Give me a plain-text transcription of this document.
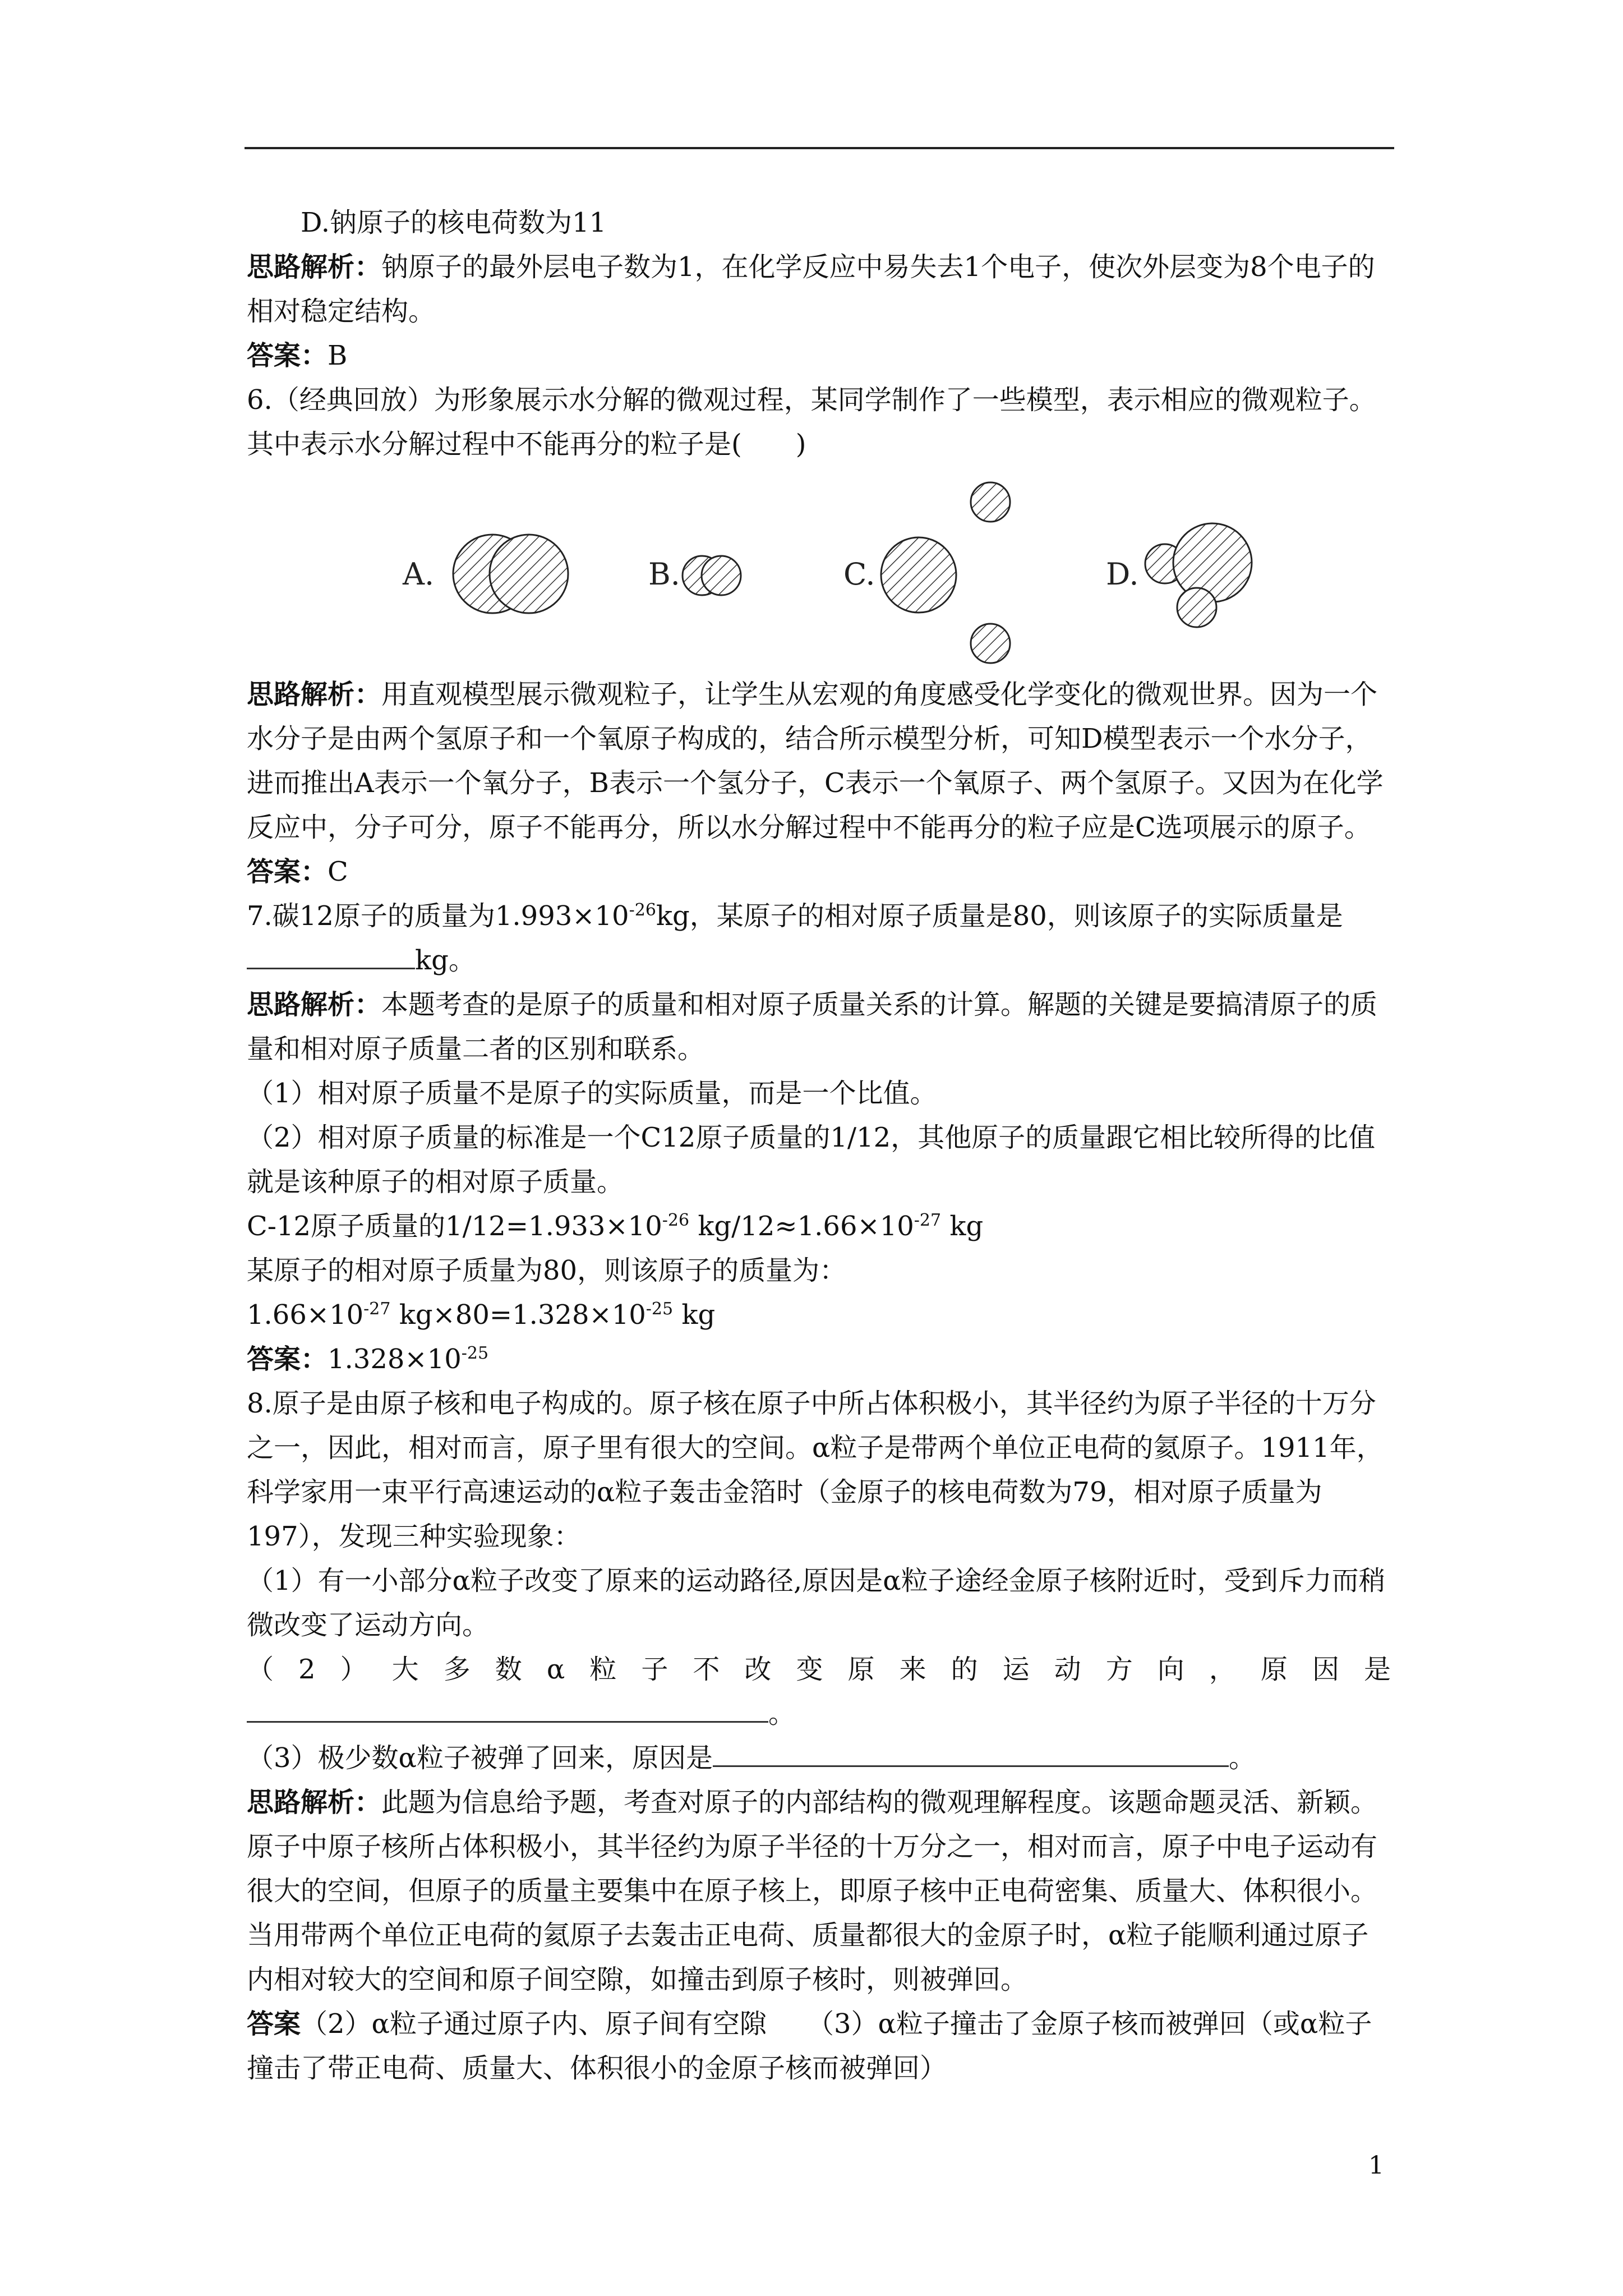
D.钠原子的核电荷数为11

思路解析：钠原子的最外层电子数为1，在化学反应中易失去1个电子，使次外层变为8个电子的相对稳定结构。

答案：B

6.（经典回放）为形象展示水分解的微观过程，某同学制作了一些模型，表示相应的微观粒子。其中表示水分解过程中不能再分的粒子是(　　)

A.	B.	C.	D.

思路解析：用直观模型展示微观粒子，让学生从宏观的角度感受化学变化的微观世界。因为一个水分子是由两个氢原子和一个氧原子构成的，结合所示模型分析，可知D模型表示一个水分子，进而推出A表示一个氧分子，B表示一个氢分子，C表示一个氧原子、两个氢原子。又因为在化学反应中，分子可分，原子不能再分，所以水分解过程中不能再分的粒子应是C选项展示的原子。

答案：C

7.碳12原子的质量为$1.993\times 10^{-26}kg$，某原子的相对原子质量是80，则该原子的实际质量是kg。

思路解析：本题考查的是原子的质量和相对原子质量关系的计算。解题的关键是要搞清原子的质量和相对原子质量二者的区别和联系。

（1）相对原子质量不是原子的实际质量，而是一个比值。

（2）相对原子质量的标准是一个C12原子质量的1/12，其他原子的质量跟它相比较所得的比值就是该种原子的相对原子质量。

C-12原子质量的$1/12=1.933\times 10^{-26}$ $kg/12\approx 1.66\times 10^{-27}$ kg

某原子的相对原子质量为80，则该原子的质量为：

$1.66\times 10^{-27}$ $kg\times 80=1.328\times 10^{-25}$ kg

答案：$1.328\times 10^{-25}$

8.原子是由原子核和电子构成的。原子核在原子中所占体积极小，其半径约为原子半径的十万分之一，因此，相对而言，原子里有很大的空间。α粒子是带两个单位正电荷的氦原子。1911年，科学家用一束平行高速运动的α粒子轰击金箔时（金原子的核电荷数为79，相对原子质量为197），发现三种实验现象：

（1）有一小部分α粒子改变了原来的运动路径,原因是α粒子途经金原子核附近时，受到斥力而稍微改变了运动方向。

（2）大多数α粒子不改变原来的运动方向，原因是

。

（3）极少数α粒子被弹了回来，原因是	。

思路解析：此题为信息给予题，考查对原子的内部结构的微观理解程度。该题命题灵活、新颖。原子中原子核所占体积极小，其半径约为原子半径的十万分之一，相对而言，原子中电子运动有很大的空间，但原子的质量主要集中在原子核上，即原子核中正电荷密集、质量大、体积很小。当用带两个单位正电荷的氦原子去轰击正电荷、质量都很大的金原子时，α粒子能顺利通过原子内相对较大的空间和原子间空隙，如撞击到原子核时，则被弹回。

答案（2）α粒子通过原子内、原子间有空隙　　（3）α粒子撞击了金原子核而被弹回（或α粒子撞击了带正电荷、质量大、体积很小的金原子核而被弹回）

1
